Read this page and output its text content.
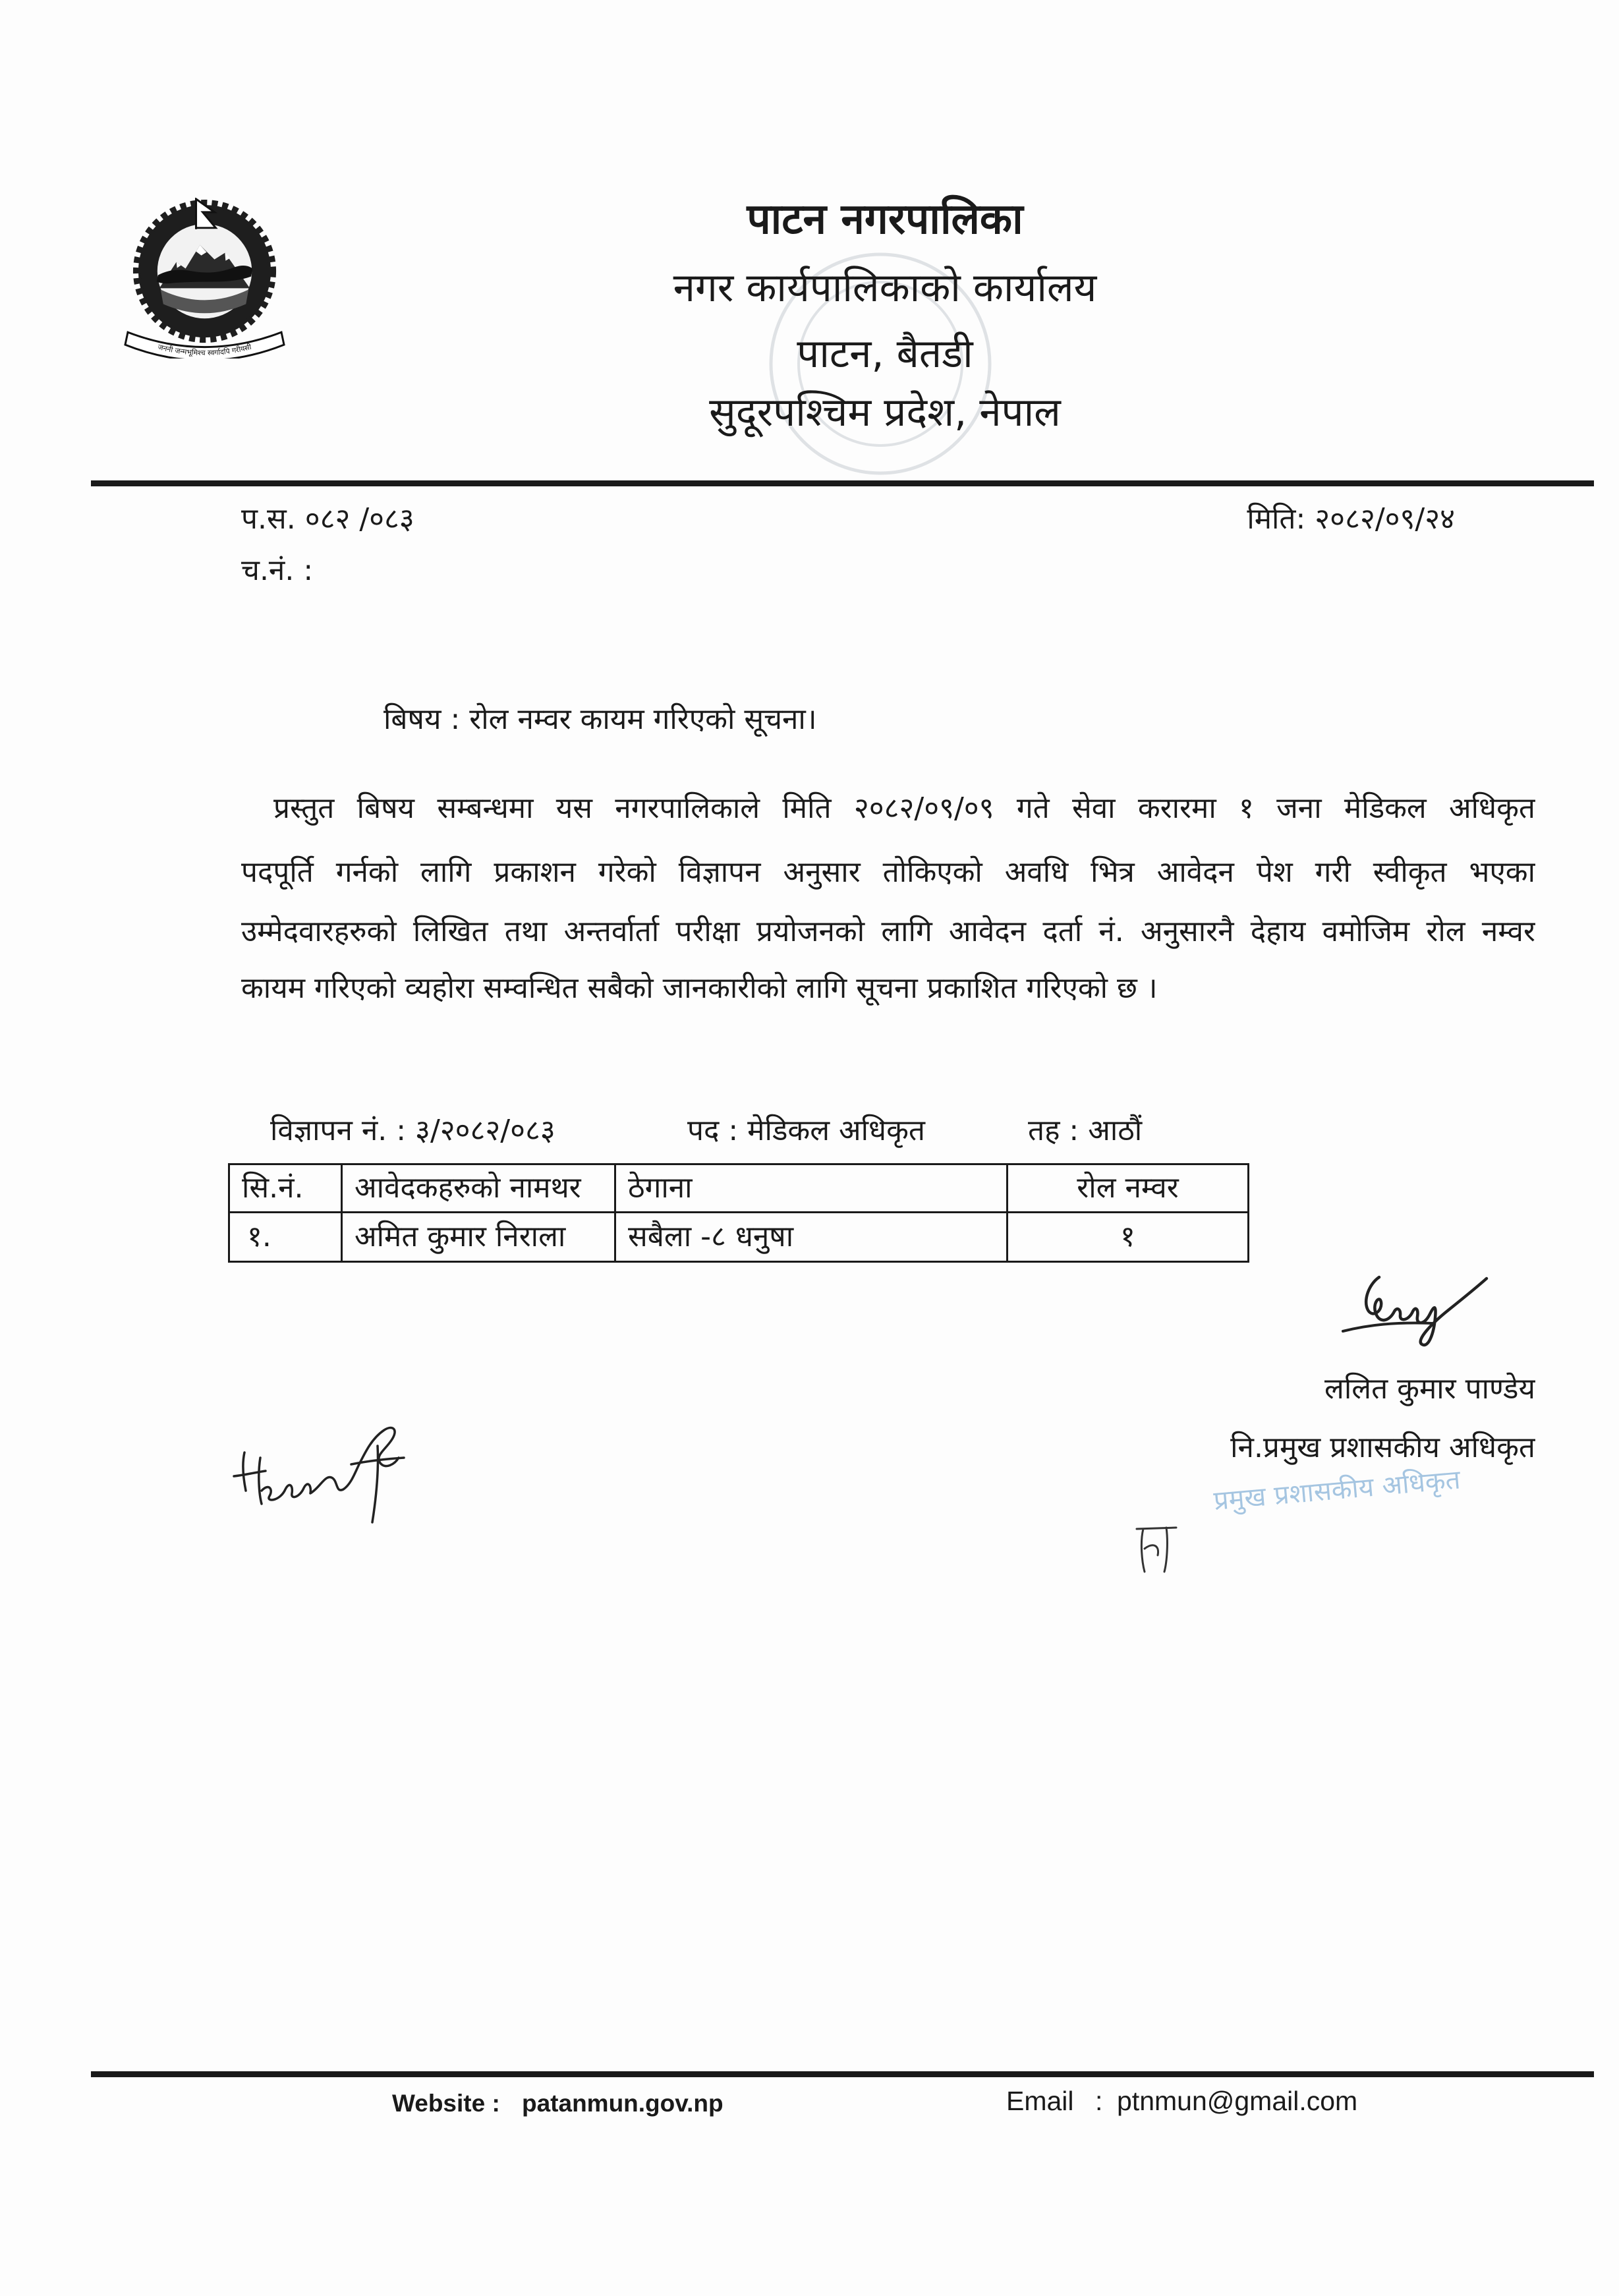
जननी जन्मभूमिश्च स्वर्गादपि गरीयसी
पाटन नगरपालिका
नगर कार्यपालिकाको कार्यालय
पाटन, बैतडी
सुदूरपश्चिम प्रदेश, नेपाल
प.स. ०८२ /०८३	मिति: २०८२/०९/२४
च.नं. :
बिषय : रोल नम्वर कायम गरिएको सूचना।
प्रस्तुत बिषय सम्बन्धमा यस नगरपालिकाले मिति २०८२/०९/०९ गते सेवा करारमा १ जना मेडिकल अधिकृत
पदपूर्ति गर्नको लागि प्रकाशन गरेको विज्ञापन अनुसार तोकिएको अवधि भित्र आवेदन पेश गरी स्वीकृत भएका
उम्मेदवारहरुको लिखित तथा अन्तर्वार्ता परीक्षा प्रयोजनको लागि आवेदन दर्ता नं. अनुसारनै देहाय वमोजिम रोल नम्वर
कायम गरिएको व्यहोरा सम्वन्धित सबैको जानकारीको लागि सूचना प्रकाशित गरिएको छ ।
विज्ञापन नं. : ३/२०८२/०८३	पद : मेडिकल अधिकृत	तह : आठौं
सि.नं.	आवेदकहरुको नामथर	ठेगाना	रोल नम्वर
१.	अमित कुमार निराला	सबैला -८ धनुषा	१
ललित कुमार पाण्डेय
नि.प्रमुख प्रशासकीय अधिकृत
प्रमुख प्रशासकीय अधिकृत
Website : patanmun.gov.np	Email : ptnmun@gmail.com
